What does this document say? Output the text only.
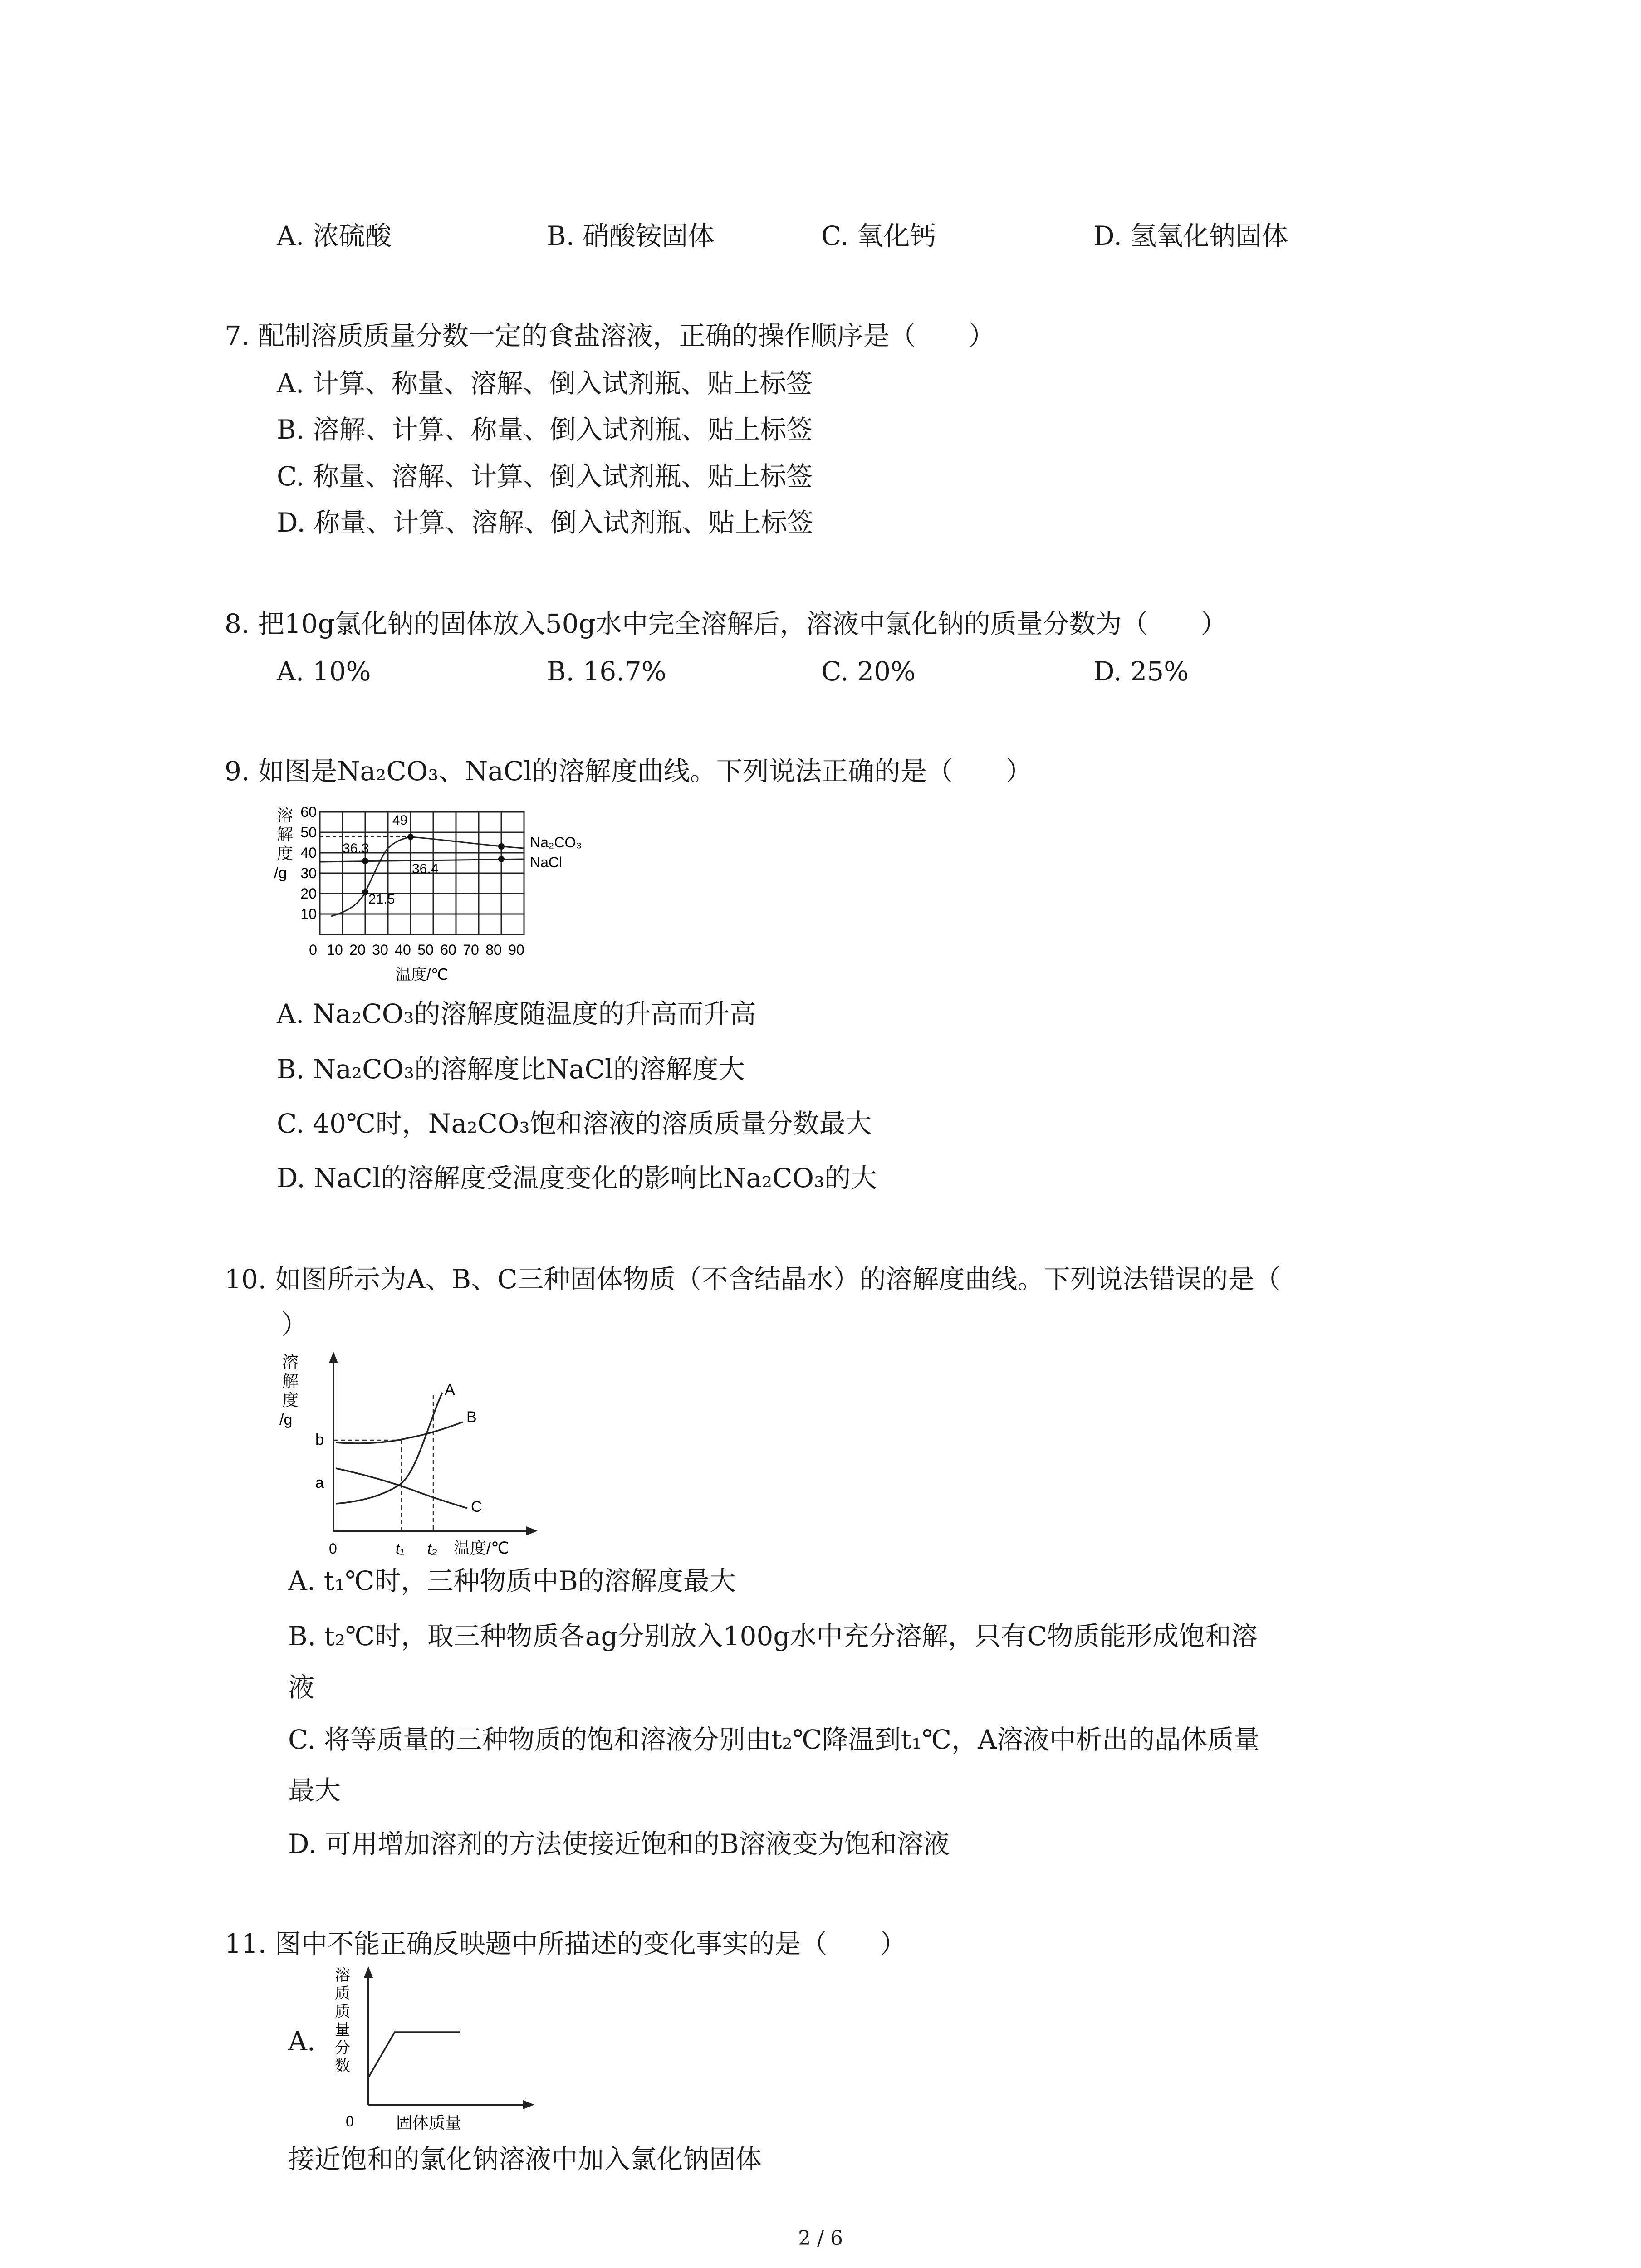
A. 浓硫酸	B. 硝酸铵固体	C. 氧化钙	D. 氢氧化钠固体
7. 配制溶质质量分数一定的食盐溶液，正确的操作顺序是（　　）
A. 计算、称量、溶解、倒入试剂瓶、贴上标签
B. 溶解、计算、称量、倒入试剂瓶、贴上标签
C. 称量、溶解、计算、倒入试剂瓶、贴上标签
D. 称量、计算、溶解、倒入试剂瓶、贴上标签
8. 把10g氯化钠的固体放入50g水中完全溶解后，溶液中氯化钠的质量分数为（　　）
A. 10%	B. 16.7%	C. 20%	D. 25%
9. 如图是Na₂CO₃、NaCl的溶解度曲线。下列说法正确的是（　　）
溶
解
度
/g
60
50
40
30
20
10
0 10 20 30 40 50 60 70 80 90
温度/℃
49
36.3
21.5
36.4
Na₂CO₃
NaCl
A. Na₂CO₃的溶解度随温度的升高而升高
B. Na₂CO₃的溶解度比NaCl的溶解度大
C. 40℃时，Na₂CO₃饱和溶液的溶质质量分数最大
D. NaCl的溶解度受温度变化的影响比Na₂CO₃的大
10. 如图所示为A、B、C三种固体物质（不含结晶水）的溶解度曲线。下列说法错误的是（
）
溶
解
度
/g
b
a
A
B
C
0	t₁ t₂ 温度/℃
A. t₁℃时，三种物质中B的溶解度最大
B. t₂℃时，取三种物质各ag分别放入100g水中充分溶解，只有C物质能形成饱和溶
液
C. 将等质量的三种物质的饱和溶液分别由t₂℃降温到t₁℃，A溶液中析出的晶体质量
最大
D. 可用增加溶剂的方法使接近饱和的B溶液变为饱和溶液
11. 图中不能正确反映题中所描述的变化事实的是（　　）
A.
溶
质
质
量
分
数
0	固体质量
接近饱和的氯化钠溶液中加入氯化钠固体
2 / 6
